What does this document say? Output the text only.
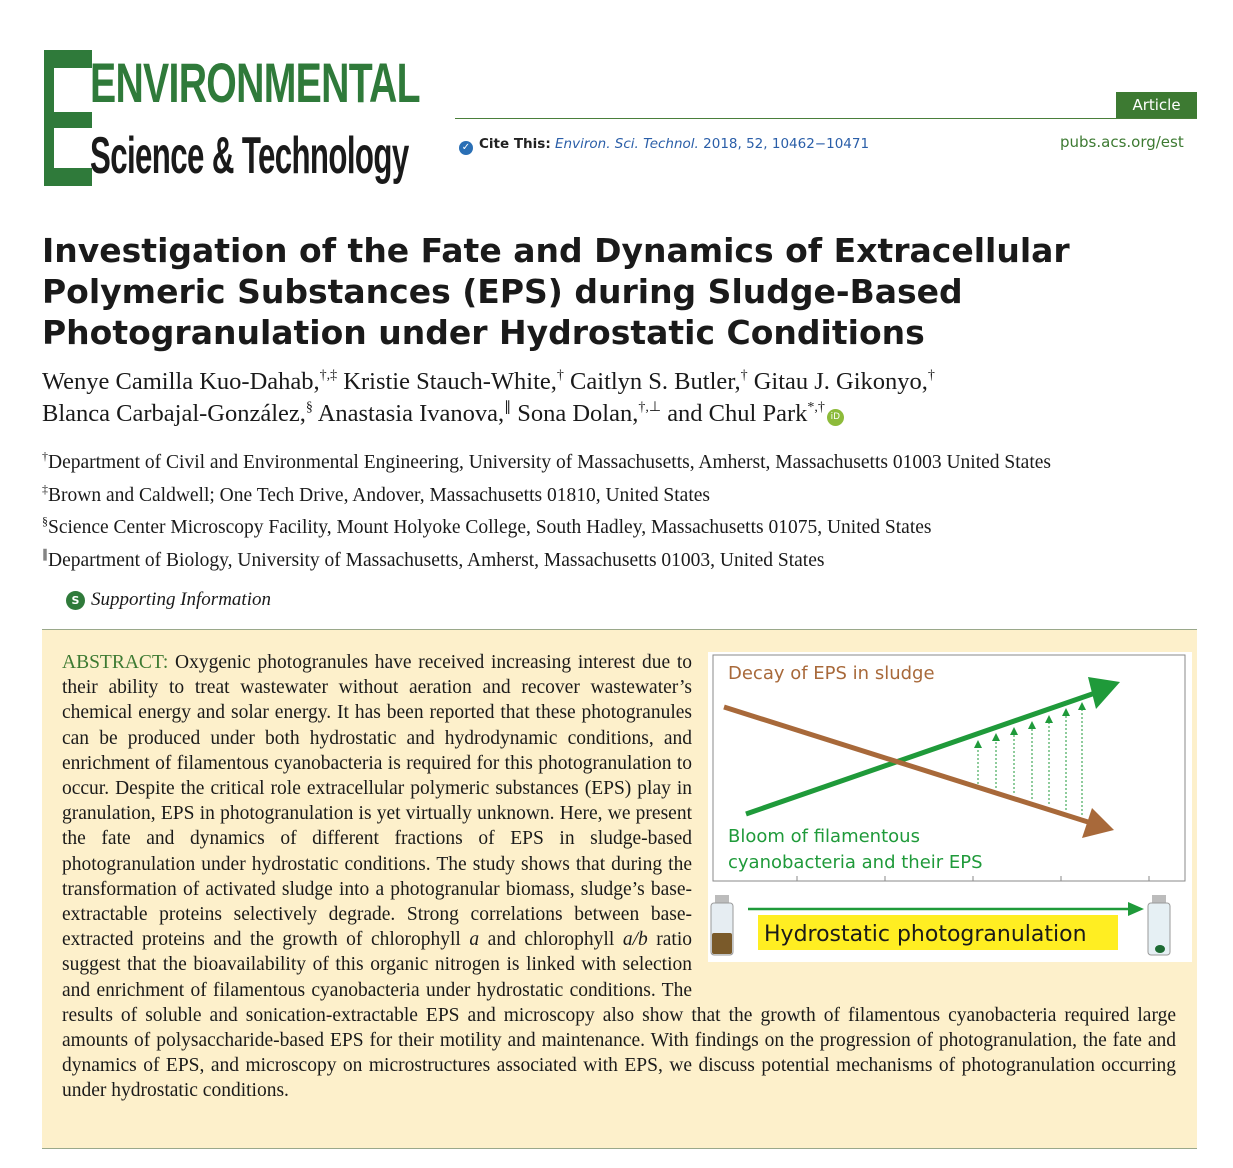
ENVIRONMENTAL
Science & Technology
Article
✓ Cite This: Environ. Sci. Technol. 2018, 52, 10462−10471	pubs.acs.org/est
Investigation of the Fate and Dynamics of Extracellular Polymeric Substances (EPS) during Sludge-Based Photogranulation under Hydrostatic Conditions
Wenye Camilla Kuo-Dahab,†,‡ Kristie Stauch-White,† Caitlyn S. Butler,† Gitau J. Gikonyo,†
Blanca Carbajal-González,§ Anastasia Ivanova,∥ Sona Dolan,†,⊥ and Chul Park*,†iD
†Department of Civil and Environmental Engineering, University of Massachusetts, Amherst, Massachusetts 01003 United States
‡Brown and Caldwell; One Tech Drive, Andover, Massachusetts 01810, United States
§Science Center Microscopy Facility, Mount Holyoke College, South Hadley, Massachusetts 01075, United States
∥Department of Biology, University of Massachusetts, Amherst, Massachusetts 01003, United States
S Supporting Information

ABSTRACT: Oxygenic photogranules have received increasing interest due to their ability to treat wastewater without aeration and recover wastewater’s chemical energy and solar energy. It has been reported that these photogranules can be produced under both hydrostatic and hydrodynamic conditions, and enrichment of filamentous cyanobacteria is required for this photogranulation to occur. Despite the critical role extracellular polymeric substances (EPS) play in granulation, EPS in photogranulation is yet virtually unknown. Here, we present the fate and dynamics of different fractions of EPS in sludge-based photogranulation under hydrostatic conditions. The study shows that during the transformation of activated sludge into a photogranular biomass, sludge’s base-extractable proteins selectively degrade. Strong correlations between base-extracted proteins and the growth of chlorophyll a and chlorophyll a/b ratio suggest that the bioavailability of this organic nitrogen is linked with selection and enrichment of filamentous cyanobacteria under hydrostatic conditions. The results of soluble and sonication-extractable EPS and microscopy also show that the growth of filamentous cyanobacteria required large amounts of polysaccharide-based EPS for their motility and maintenance. With findings on the progression of photogranulation, the fate and dynamics of EPS, and microscopy on microstructures associated with EPS, we discuss potential mechanisms of photogranulation occurring under hydrostatic conditions.

Decay of EPS in sludge
Bloom of filamentous
cyanobacteria and their EPS
Hydrostatic photogranulation
